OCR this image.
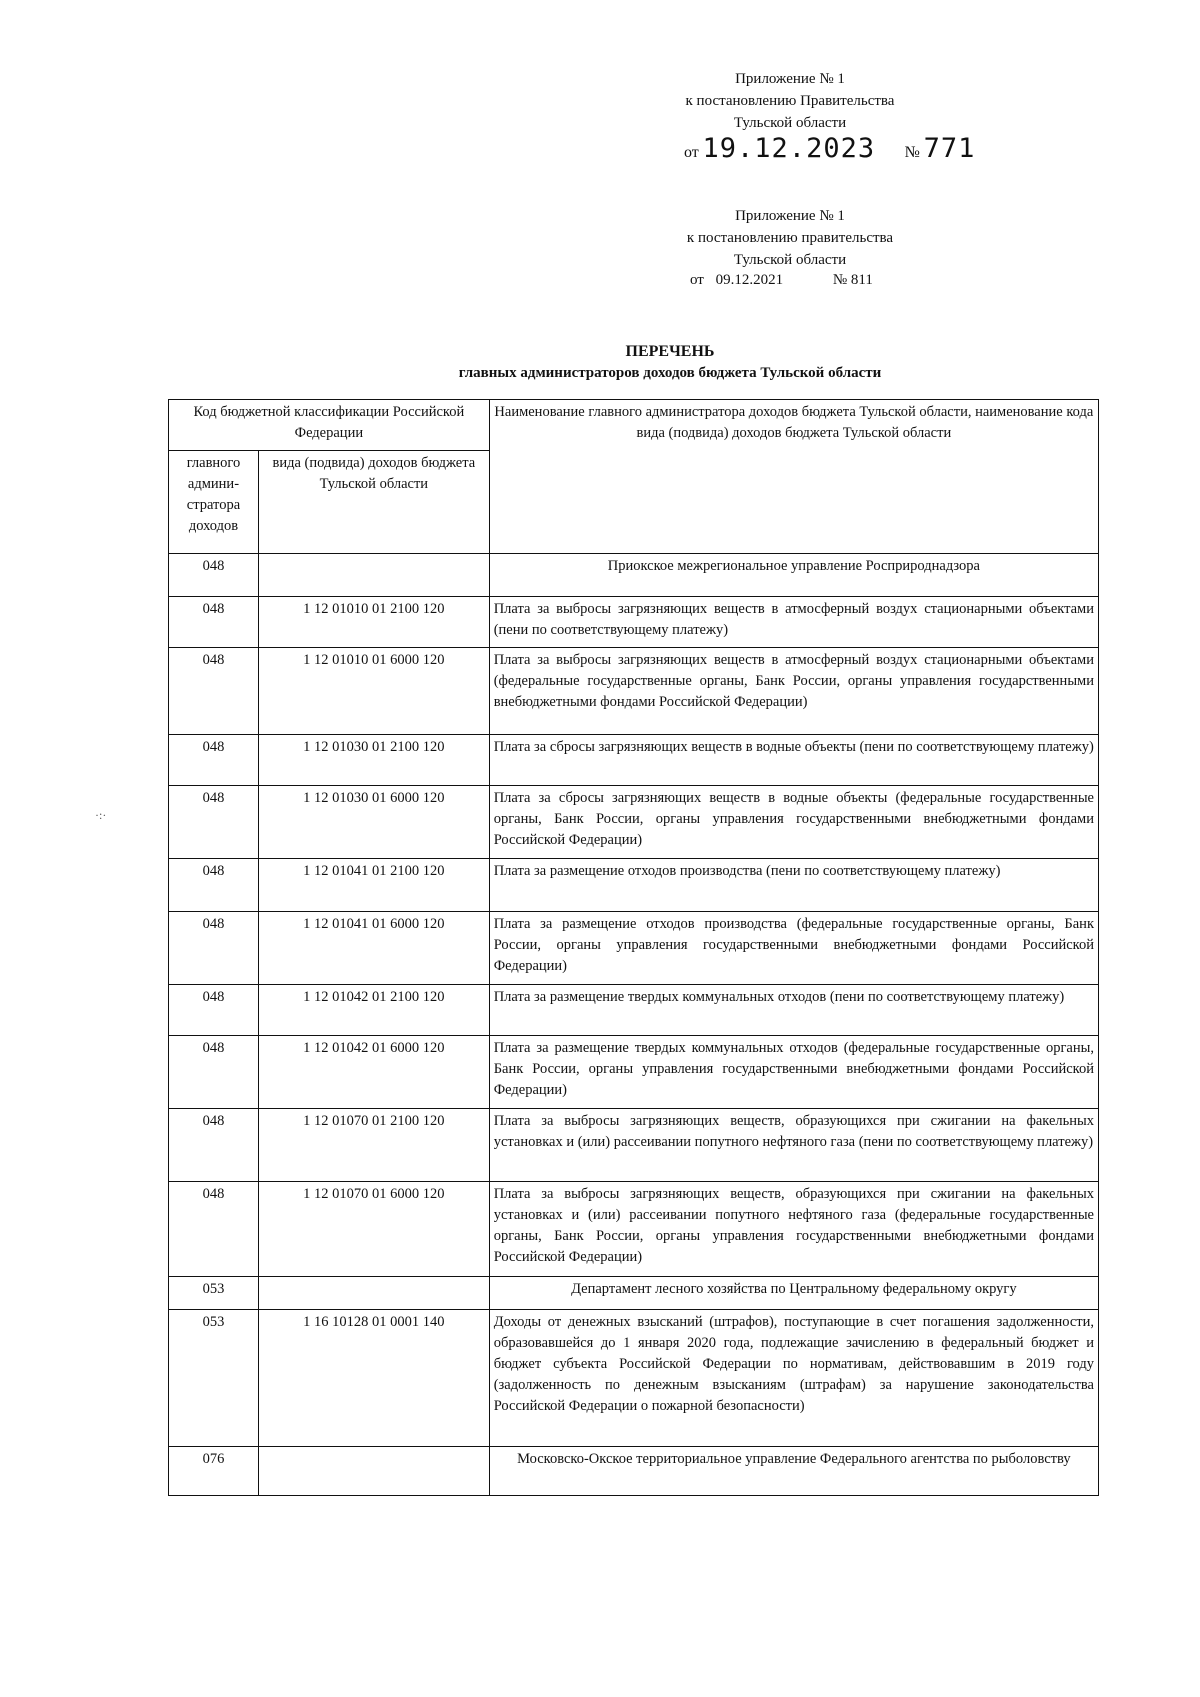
Приложение № 1
к постановлению Правительства
Тульской области
от 19.12.2023 № 771
Приложение № 1
к постановлению правительства
Тульской области
от 09.12.2021	№ 811
ПЕРЕЧЕНЬ
главных администраторов доходов бюджета Тульской области
·:·
Код бюджетной классификации Российской Федерации		Наименование главного администратора доходов бюджета Тульской области, наименование кода вида (подвида) доходов бюджета Тульской области
главного админи-стратора доходов	вида (подвида) доходов бюджета Тульской области	
048		Приокское межрегиональное управление Росприроднадзора
048	1 12 01010 01 2100 120	Плата за выбросы загрязняющих веществ в атмосферный воздух стационарными объектами (пени по соответствующему платежу)
048	1 12 01010 01 6000 120	Плата за выбросы загрязняющих веществ в атмосферный воздух стационарными объектами (федеральные государственные органы, Банк России, органы управления государственными внебюджетными фондами Российской Федерации)
048	1 12 01030 01 2100 120	Плата за сбросы загрязняющих веществ в водные объекты (пени по соответствующему платежу)
048	1 12 01030 01 6000 120	Плата за сбросы загрязняющих веществ в водные объекты (федеральные государственные органы, Банк России, органы управления государственными внебюджетными фондами Российской Федерации)
048	1 12 01041 01 2100 120	Плата за размещение отходов производства (пени по соответствующему платежу)
048	1 12 01041 01 6000 120	Плата за размещение отходов производства (федеральные государственные органы, Банк России, органы управления государственными внебюджетными фондами Российской Федерации)
048	1 12 01042 01 2100 120	Плата за размещение твердых коммунальных отходов (пени по соответствующему платежу)
048	1 12 01042 01 6000 120	Плата за размещение твердых коммунальных отходов (федеральные государственные органы, Банк России, органы управления государственными внебюджетными фондами Российской Федерации)
048	1 12 01070 01 2100 120	Плата за выбросы загрязняющих веществ, образующихся при сжигании на факельных установках и (или) рассеивании попутного нефтяного газа (пени по соответствующему платежу)
048	1 12 01070 01 6000 120	Плата за выбросы загрязняющих веществ, образующихся при сжигании на факельных установках и (или) рассеивании попутного нефтяного газа (федеральные государственные органы, Банк России, органы управления государственными внебюджетными фондами Российской Федерации)
053		Департамент лесного хозяйства по Центральному федеральному округу
053	1 16 10128 01 0001 140	Доходы от денежных взысканий (штрафов), поступающие в счет погашения задолженности, образовавшейся до 1 января 2020 года, подлежащие зачислению в федеральный бюджет и бюджет субъекта Российской Федерации по нормативам, действовавшим в 2019 году (задолженность по денежным взысканиям (штрафам) за нарушение законодательства Российской Федерации о пожарной безопасности)
076		Московско-Окское территориальное управление Федерального агентства по рыболовству
